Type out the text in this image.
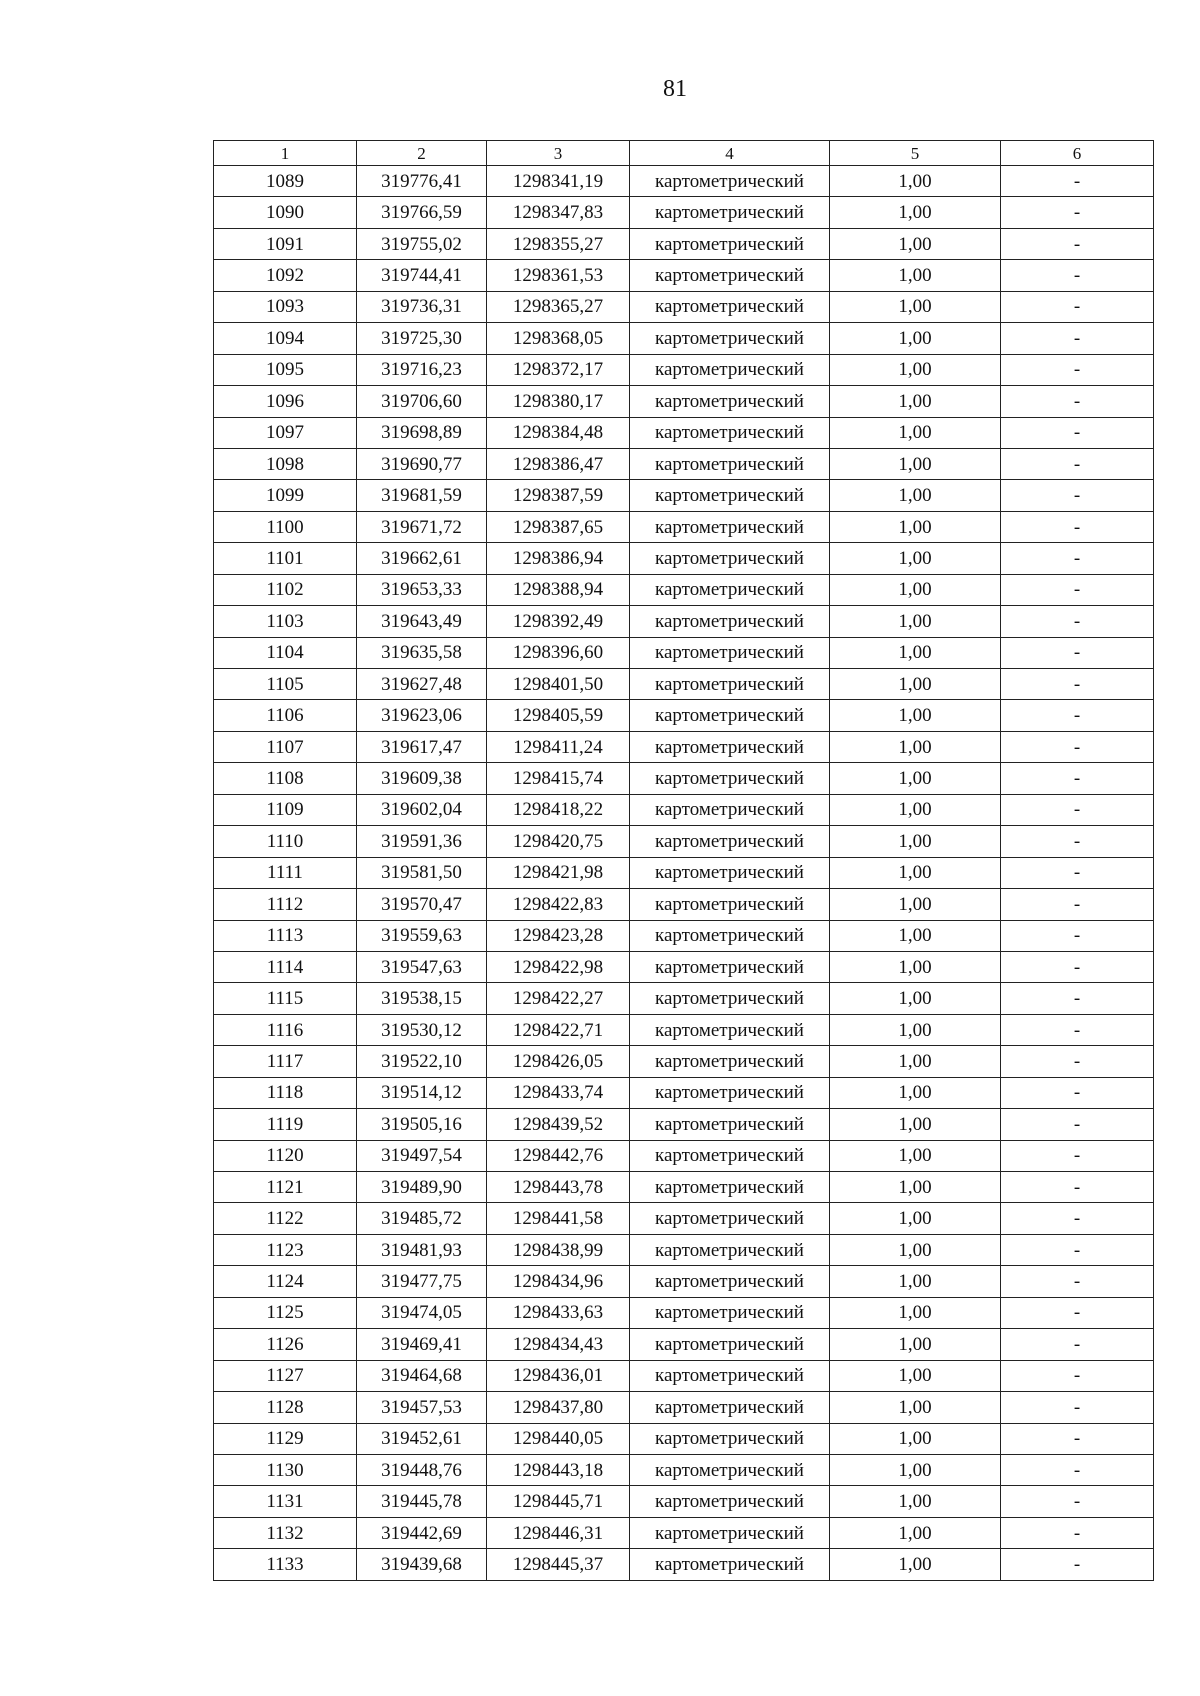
81
1	2	3	4	5	6
1089	319776,41	1298341,19	картометрический	1,00	-
1090	319766,59	1298347,83	картометрический	1,00	-
1091	319755,02	1298355,27	картометрический	1,00	-
1092	319744,41	1298361,53	картометрический	1,00	-
1093	319736,31	1298365,27	картометрический	1,00	-
1094	319725,30	1298368,05	картометрический	1,00	-
1095	319716,23	1298372,17	картометрический	1,00	-
1096	319706,60	1298380,17	картометрический	1,00	-
1097	319698,89	1298384,48	картометрический	1,00	-
1098	319690,77	1298386,47	картометрический	1,00	-
1099	319681,59	1298387,59	картометрический	1,00	-
1100	319671,72	1298387,65	картометрический	1,00	-
1101	319662,61	1298386,94	картометрический	1,00	-
1102	319653,33	1298388,94	картометрический	1,00	-
1103	319643,49	1298392,49	картометрический	1,00	-
1104	319635,58	1298396,60	картометрический	1,00	-
1105	319627,48	1298401,50	картометрический	1,00	-
1106	319623,06	1298405,59	картометрический	1,00	-
1107	319617,47	1298411,24	картометрический	1,00	-
1108	319609,38	1298415,74	картометрический	1,00	-
1109	319602,04	1298418,22	картометрический	1,00	-
1110	319591,36	1298420,75	картометрический	1,00	-
1111	319581,50	1298421,98	картометрический	1,00	-
1112	319570,47	1298422,83	картометрический	1,00	-
1113	319559,63	1298423,28	картометрический	1,00	-
1114	319547,63	1298422,98	картометрический	1,00	-
1115	319538,15	1298422,27	картометрический	1,00	-
1116	319530,12	1298422,71	картометрический	1,00	-
1117	319522,10	1298426,05	картометрический	1,00	-
1118	319514,12	1298433,74	картометрический	1,00	-
1119	319505,16	1298439,52	картометрический	1,00	-
1120	319497,54	1298442,76	картометрический	1,00	-
1121	319489,90	1298443,78	картометрический	1,00	-
1122	319485,72	1298441,58	картометрический	1,00	-
1123	319481,93	1298438,99	картометрический	1,00	-
1124	319477,75	1298434,96	картометрический	1,00	-
1125	319474,05	1298433,63	картометрический	1,00	-
1126	319469,41	1298434,43	картометрический	1,00	-
1127	319464,68	1298436,01	картометрический	1,00	-
1128	319457,53	1298437,80	картометрический	1,00	-
1129	319452,61	1298440,05	картометрический	1,00	-
1130	319448,76	1298443,18	картометрический	1,00	-
1131	319445,78	1298445,71	картометрический	1,00	-
1132	319442,69	1298446,31	картометрический	1,00	-
1133	319439,68	1298445,37	картометрический	1,00	-
